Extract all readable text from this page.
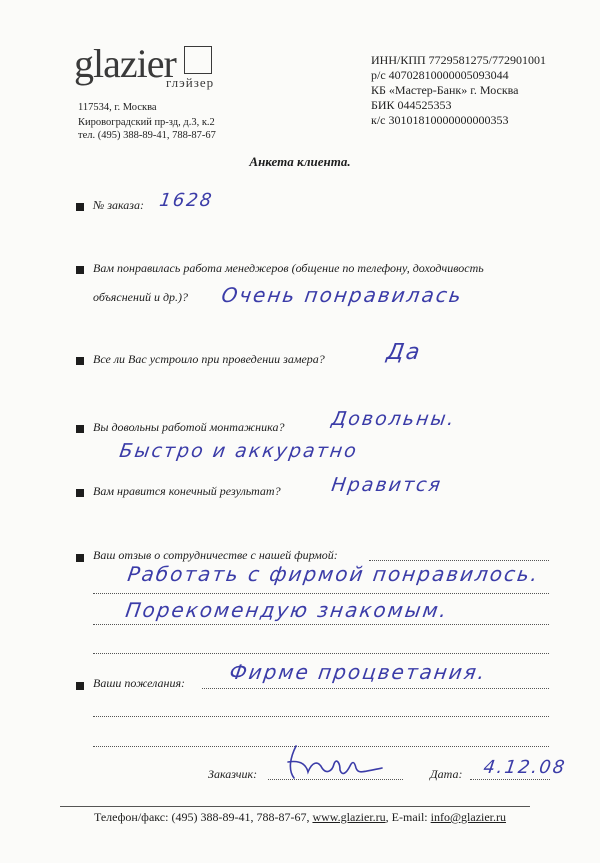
glazier
глэйзер
117534, г. Москва
Кировоградский пр-зд, д.3, к.2
тел. (495) 388-89-41, 788-87-67
ИНН/КПП 7729581275/772901001
р/с 40702810000005093044
КБ «Мастер-Банк» г. Москва
БИК 044525353
к/с 30101810000000000353
Анкета клиента.
№ заказа: 1628
Вам понравилась работа менеджеров (общение по телефону, доходчивость
объяснений и др.)? Очень понравилась
Все ли Вас устроило при проведении замера?	Да
Вы довольны работой монтажника? Довольны.
Быстро и аккуратно
Вам нравится конечный результат?	Нравится
Ваш отзыв о сотрудничестве с нашей фирмой:
Работать с фирмой понравилось.
Порекомендую знакомым.
Ваши пожелания: Фирме процветания.
Заказчик:	Дата: 4.12.08
Телефон/факс: (495) 388-89-41, 788-87-67, www.glazier.ru, E-mail: info@glazier.ru
